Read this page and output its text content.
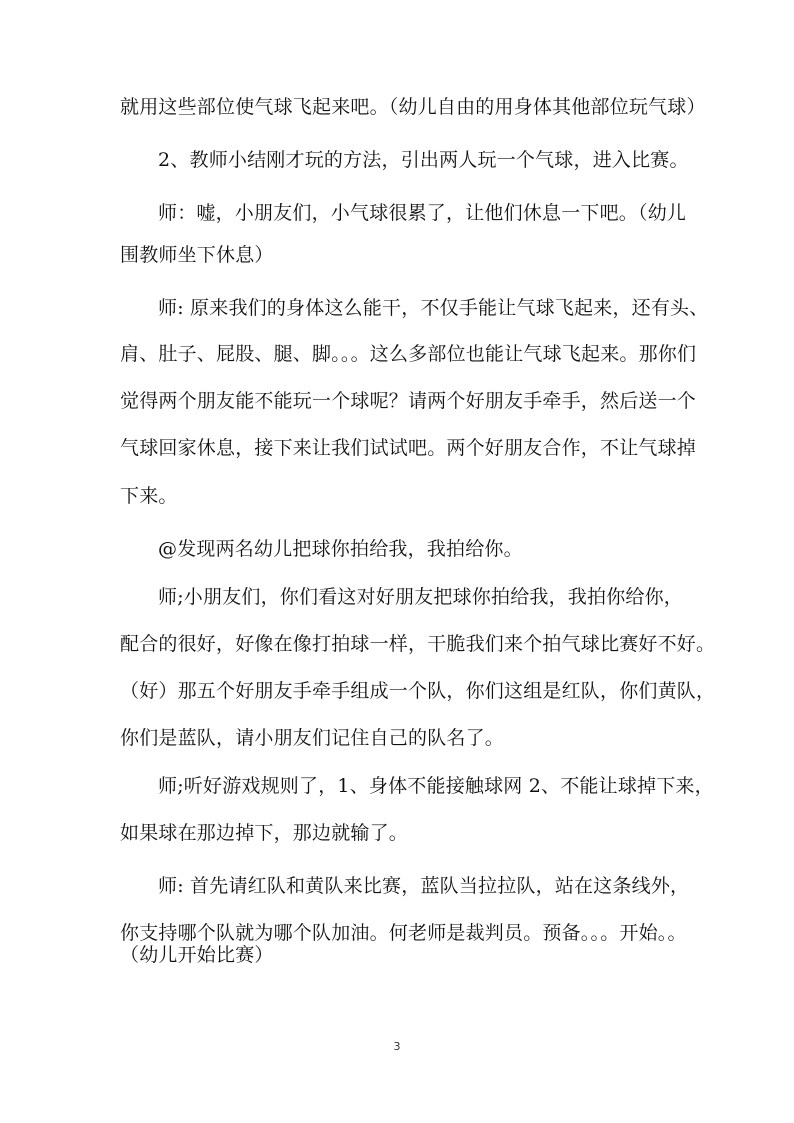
就用这些部位使气球飞起来吧。（幼儿自由的用身体其他部位玩气球）
2、教师小结刚才玩的方法，引出两人玩一个气球，进入比赛。
师：嘘，小朋友们，小气球很累了，让他们休息一下吧。（幼儿
围教师坐下休息）
师: 原来我们的身体这么能干，不仅手能让气球飞起来，还有头、
肩、肚子、屁股、腿、脚。。。这么多部位也能让气球飞起来。那你们
觉得两个朋友能不能玩一个球呢？请两个好朋友手牵手，然后送一个
气球回家休息，接下来让我们试试吧。两个好朋友合作，不让气球掉
下来。
@发现两名幼儿把球你拍给我，我拍给你。
师;小朋友们，你们看这对好朋友把球你拍给我，我拍你给你，
配合的很好，好像在像打拍球一样，干脆我们来个拍气球比赛好不好。
（好）那五个好朋友手牵手组成一个队，你们这组是红队，你们黄队，
你们是蓝队，请小朋友们记住自己的队名了。
师;听好游戏规则了，1、身体不能接触球网 2、不能让球掉下来，
如果球在那边掉下，那边就输了。
师: 首先请红队和黄队来比赛，蓝队当拉拉队，站在这条线外，
你支持哪个队就为哪个队加油。何老师是裁判员。预备。。。开始。。
（幼儿开始比赛）
3
